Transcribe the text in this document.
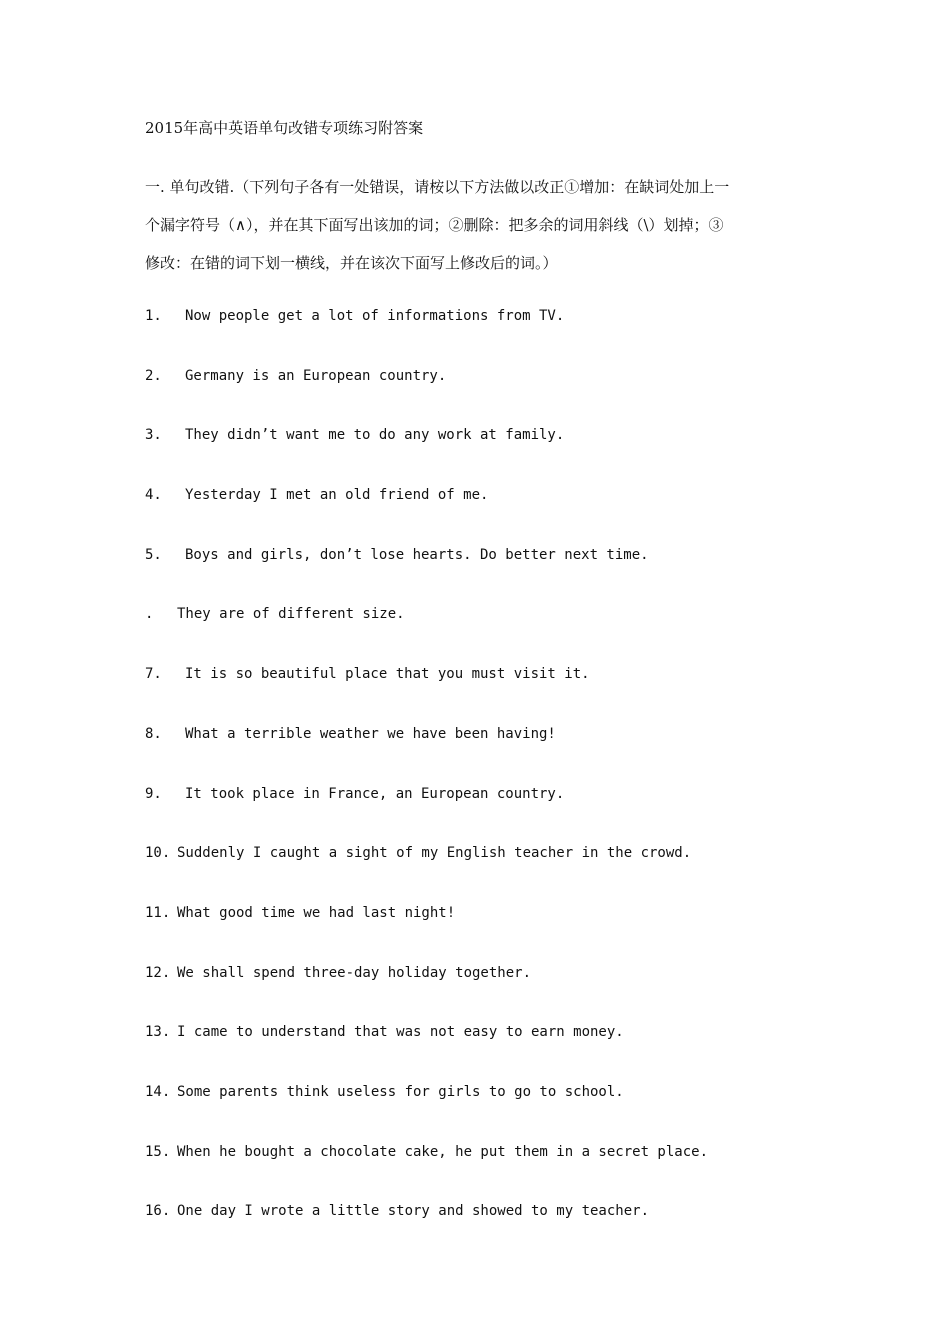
2015年高中英语单句改错专项练习附答案
一. 单句改错.（下列句子各有一处错误，请桉以下方法做以改正①增加：在缺词处加上一
个漏字符号（∧），并在其下面写出该加的词；②删除：把多余的词用斜线（\）划掉；③
修改：在错的词下划一横线，并在该次下面写上修改后的词。）
1. Now people get a lot of informations from TV.
2. Germany is an European country.
3. They didn’t want me to do any work at family.
4. Yesterday I met an old friend of me.
5. Boys and girls, don’t lose hearts. Do better next time.
. They are of different size.
7. It is so beautiful place that you must visit it.
8. What a terrible weather we have been having!
9. It took place in France, an European country.
10. Suddenly I caught a sight of my English teacher in the crowd.
11. What good time we had last night!
12. We shall spend three-day holiday together.
13. I came to understand that was not easy to earn money.
14. Some parents think useless for girls to go to school.
15. When he bought a chocolate cake, he put them in a secret place.
16. One day I wrote a little story and showed to my teacher.
